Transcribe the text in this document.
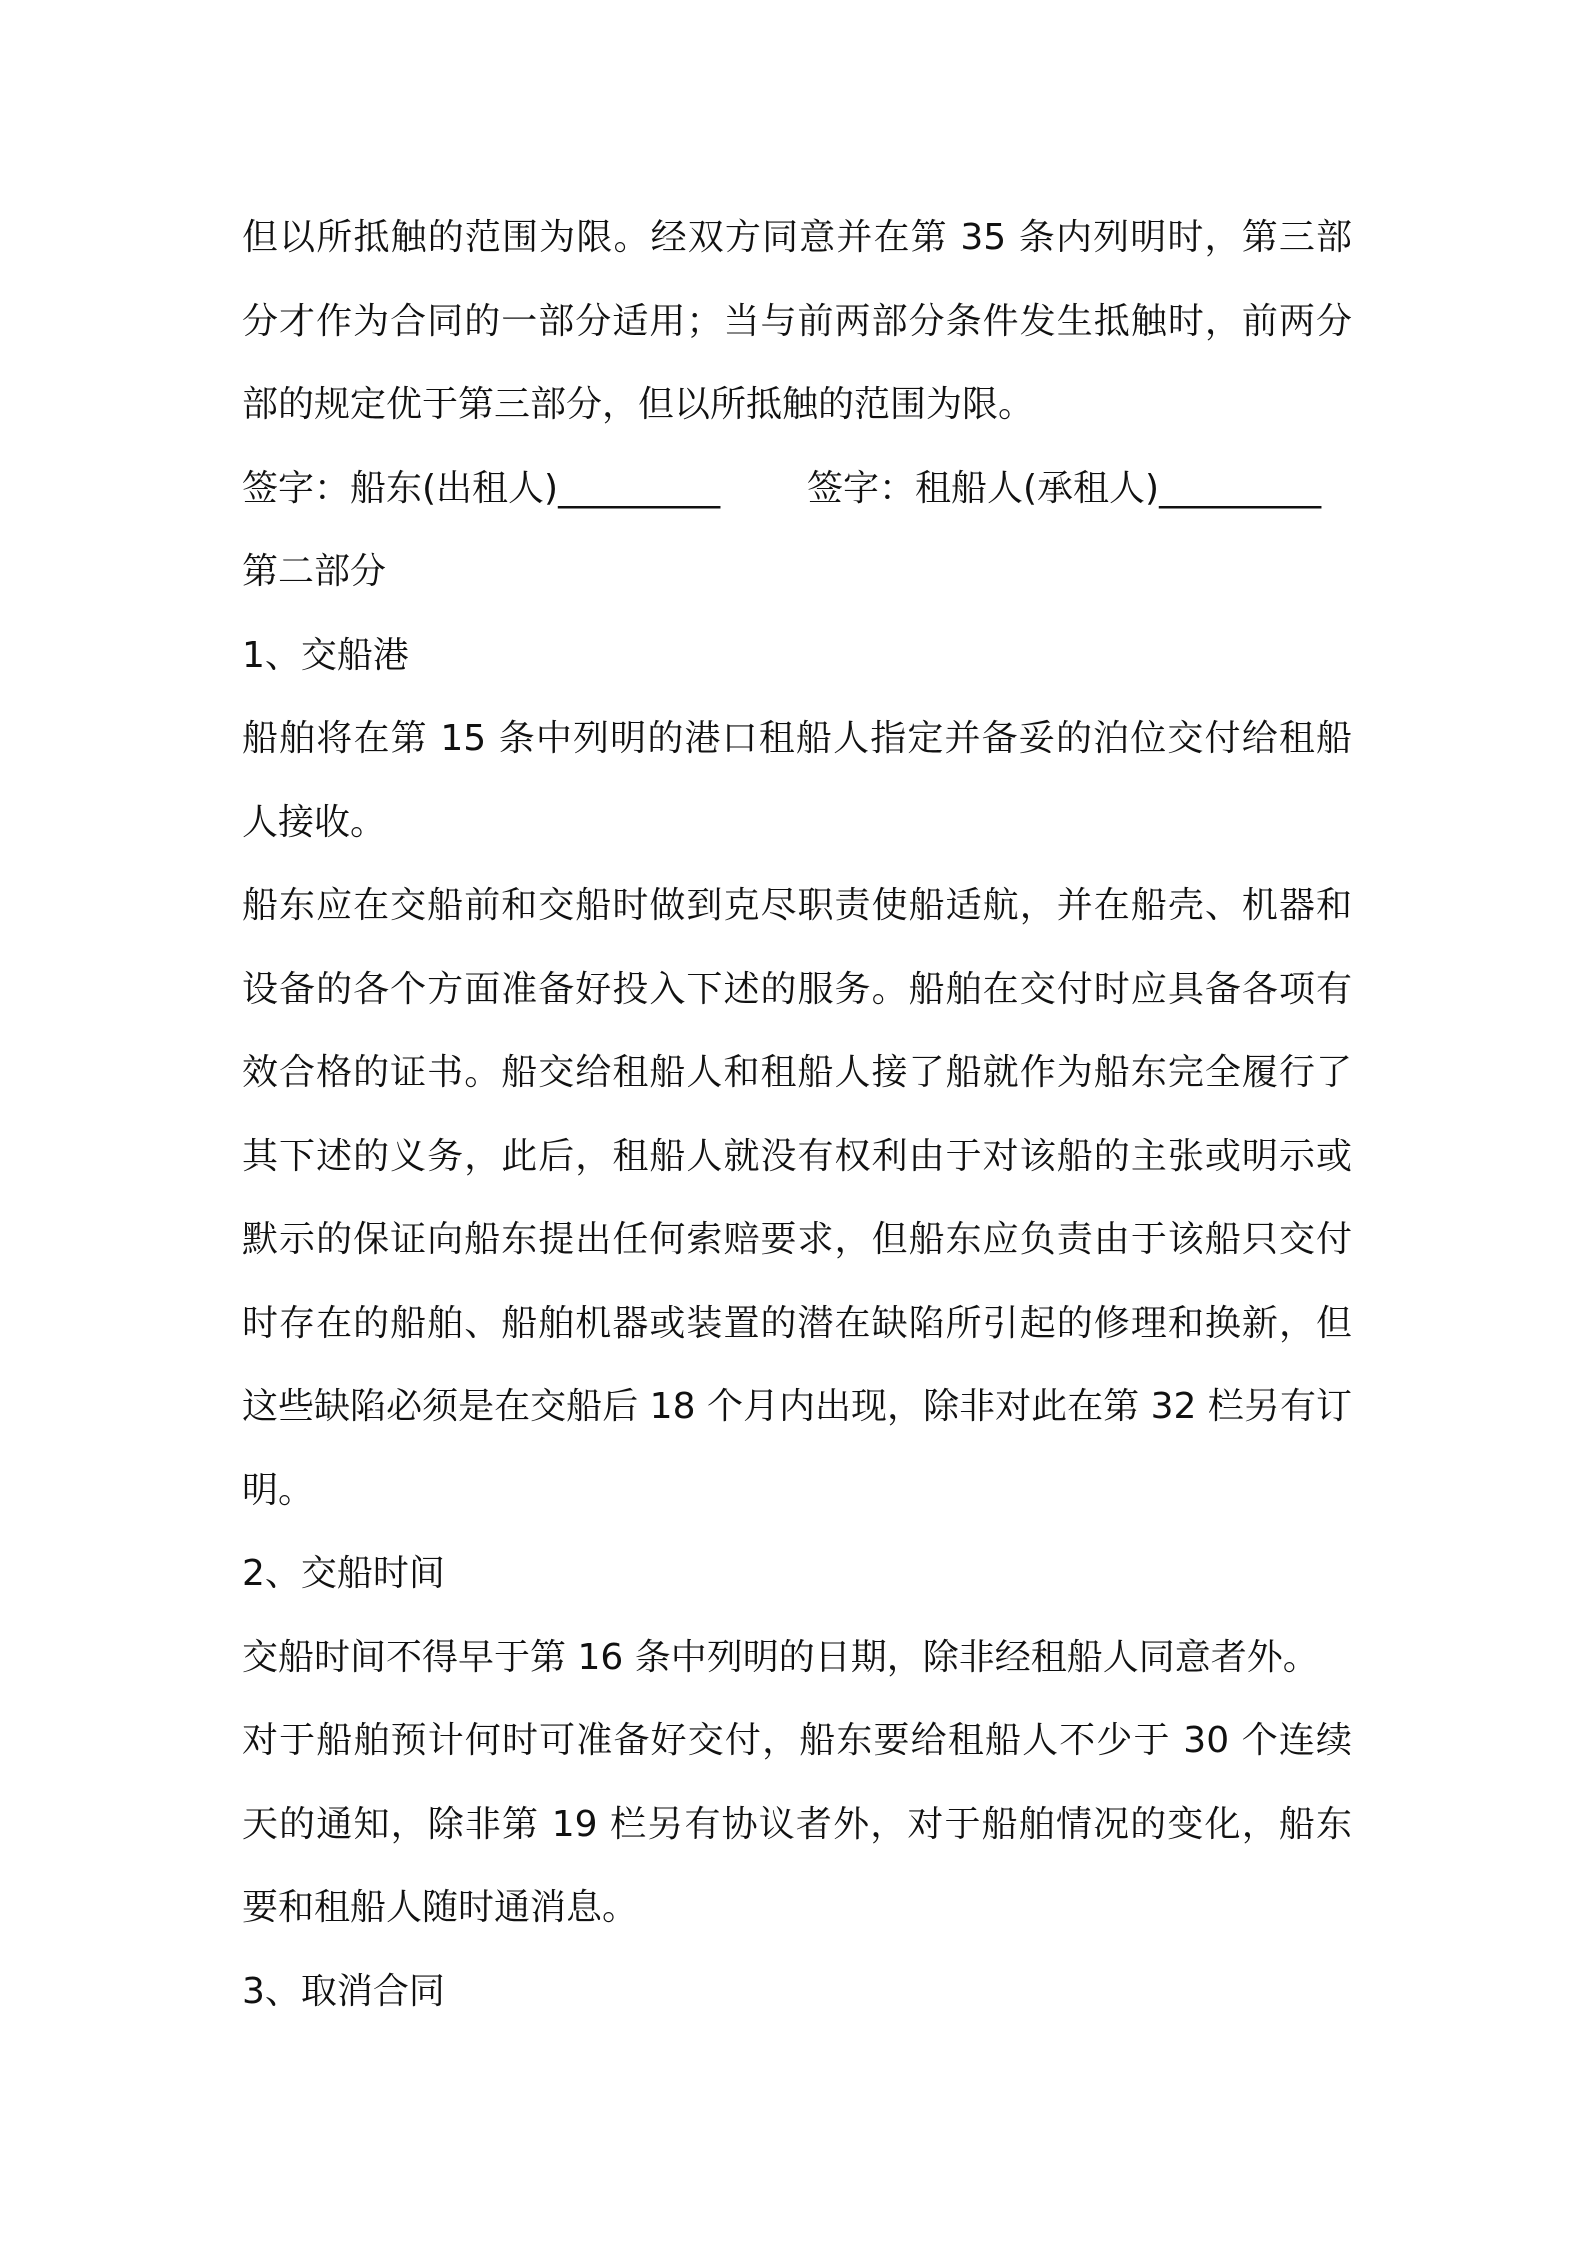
但以所抵触的范围为限。经双方同意并在第 35 条内列明时，第三部分才作为合同的一部分适用；当与前两部分条件发生抵触时，前两分部的规定优于第三部分，但以所抵触的范围为限。

签字：船东(出租人)_________

签字：租船人(承租人)_________

第二部分

1、交船港

船舶将在第 15 条中列明的港口租船人指定并备妥的泊位交付给租船人接收。

船东应在交船前和交船时做到克尽职责使船适航，并在船壳、机器和设备的各个方面准备好投入下述的服务。船舶在交付时应具备各项有效合格的证书。船交给租船人和租船人接了船就作为船东完全履行了其下述的义务，此后，租船人就没有权利由于对该船的主张或明示或默示的保证向船东提出任何索赔要求，但船东应负责由于该船只交付时存在的船舶、船舶机器或装置的潜在缺陷所引起的修理和换新，但这些缺陷必须是在交船后 18 个月内出现，除非对此在第 32 栏另有订明。

2、交船时间

交船时间不得早于第 16 条中列明的日期，除非经租船人同意者外。

对于船舶预计何时可准备好交付，船东要给租船人不少于 30 个连续天的通知，除非第 19 栏另有协议者外，对于船舶情况的变化，船东要和租船人随时通消息。

3、取消合同
